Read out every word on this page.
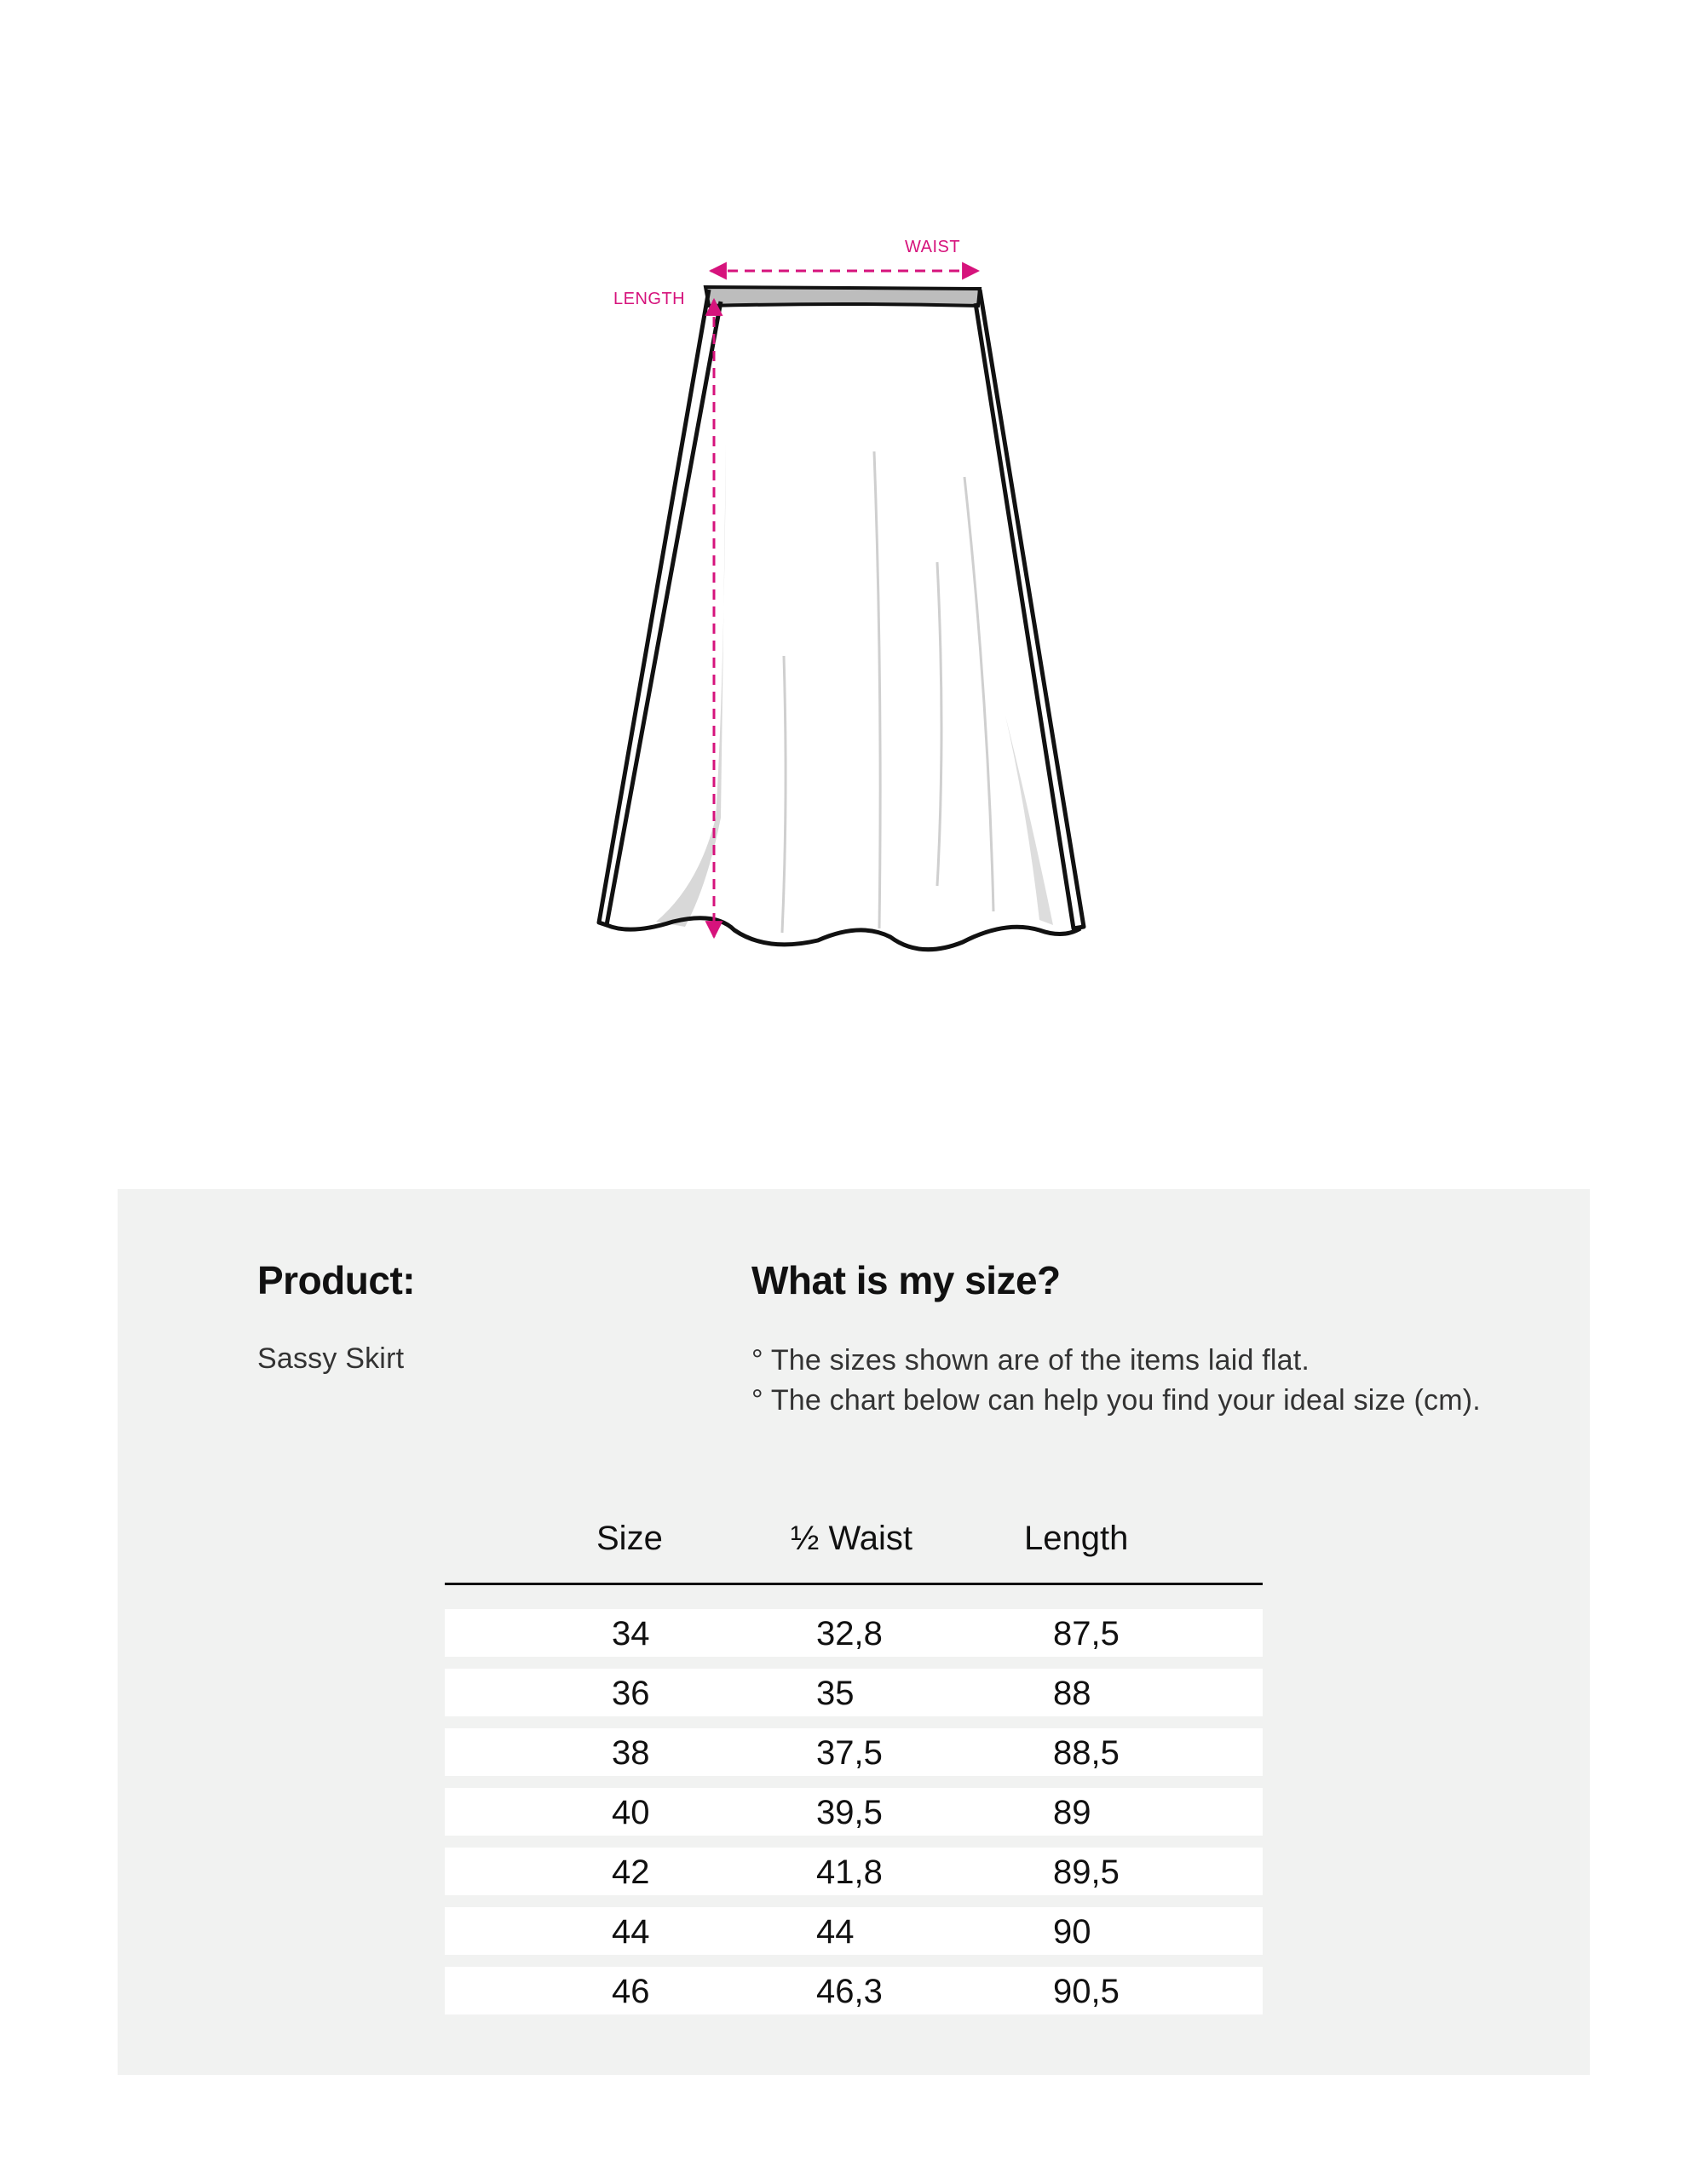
WAIST
LENGTH
Product:
Sassy Skirt
What is my size?
° The sizes shown are of the items laid flat.
° The chart below can help you find your ideal size (cm).
Size	½ Waist	Length
34	32,8	87,5
36	35	88
38	37,5	88,5
40	39,5	89
42	41,8	89,5
44	44	90
46	46,3	90,5
